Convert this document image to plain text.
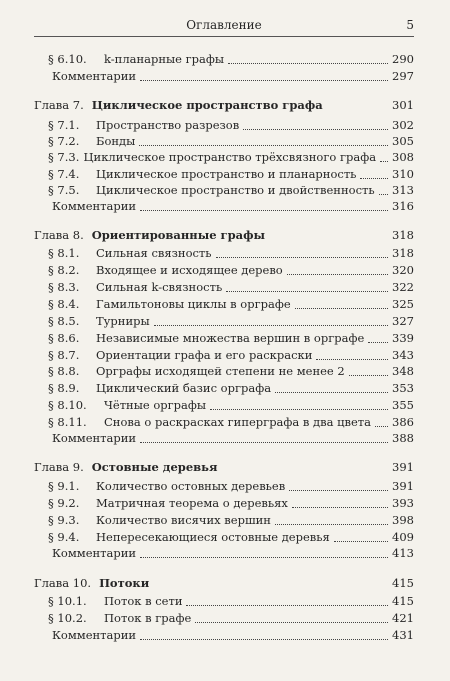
Оглавление	5
§ 6.10.	k-планарные графы	290
Комментарии	297
Глава 7. Циклическое пространство графа	301
§ 7.1.	Пространство разрезов	302
§ 7.2.	Бонды	305
§ 7.3. Циклическое пространство трёхсвязного графа 308
§ 7.4.	Циклическое пространство и планарность	310
§ 7.5.	Циклическое пространство и двойственность 313
Комментарии	316
Глава 8. Ориентированные графы	318
§ 8.1.	Сильная связность	318
§ 8.2.	Входящее и исходящее дерево	320
§ 8.3.	Сильная k-связность	322
§ 8.4.	Гамильтоновы циклы в орграфе	325
§ 8.5.	Турниры	327
§ 8.6.	Независимые множества вершин в орграфе 339
§ 8.7.	Ориентации графа и его раскраски	343
§ 8.8.	Орграфы исходящей степени не менее 2	348
§ 8.9.	Циклический базис орграфа	353
§ 8.10.	Чётные орграфы	355
§ 8.11.	Снова о раскрасках гиперграфа в два цвета 386
Комментарии	388
Глава 9. Остовные деревья	391
§ 9.1.	Количество остовных деревьев	391
§ 9.2.	Матричная теорема о деревьях	393
§ 9.3.	Количество висячих вершин	398
§ 9.4.	Непересекающиеся остовные деревья	409
Комментарии	413
Глава 10. Потоки	415
§ 10.1.	Поток в сети	415
§ 10.2.	Поток в графе	421
Комментарии	431
